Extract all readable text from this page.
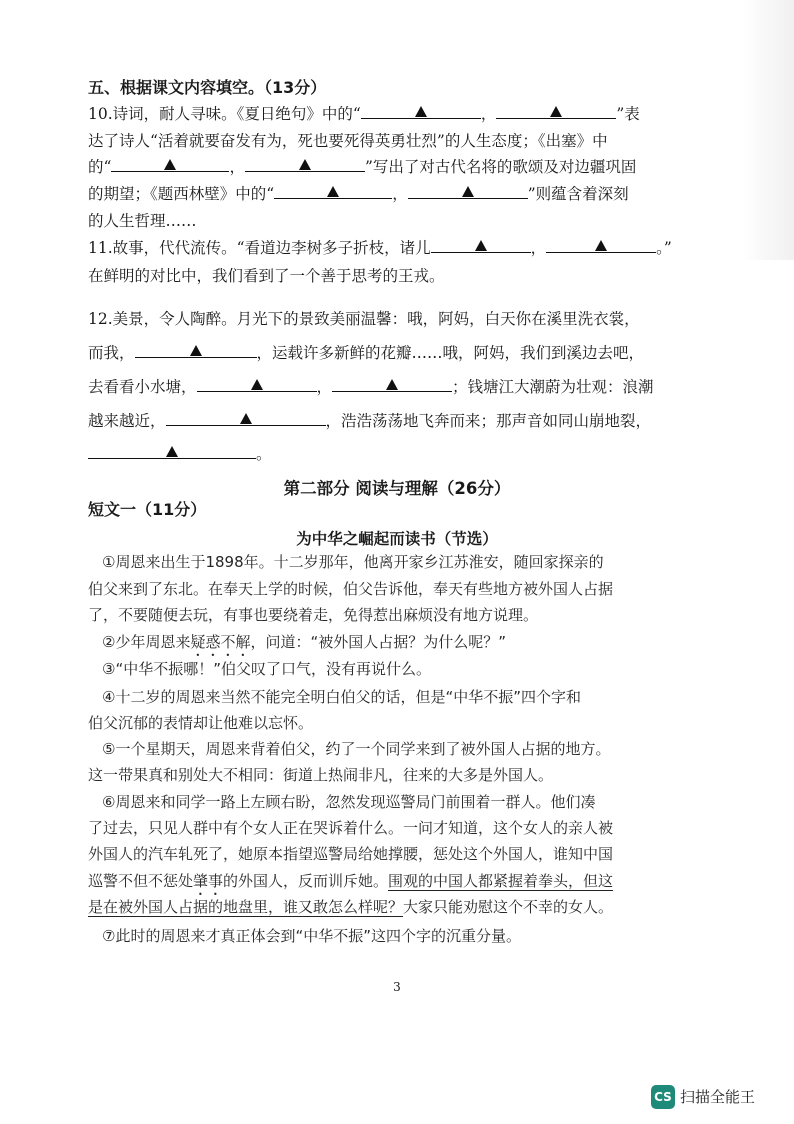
五、根据课文内容填空。（13分）
10.诗词，耐人寻味。《夏日绝句》中的“	，	”表
达了诗人“活着就要奋发有为，死也要死得英勇壮烈”的人生态度；《出塞》中
的“	，	”写出了对古代名将的歌颂及对边疆巩固
的期望；《题西林壁》中的“	，	”则蕴含着深刻
的人生哲理……
11.故事，代代流传。“看道边李树多子折枝，诸儿	，	。”
在鲜明的对比中，我们看到了一个善于思考的王戎。
12.美景，令人陶醉。月光下的景致美丽温馨：哦，阿妈，白天你在溪里洗衣裳，
而我，	，运载许多新鲜的花瓣……哦，阿妈，我们到溪边去吧，
去看看小水塘，	，	；钱塘江大潮蔚为壮观：浪潮
越来越近，	，浩浩荡荡地飞奔而来；那声音如同山崩地裂，
。
第二部分 阅读与理解（26分）
短文一（11分）
为中华之崛起而读书（节选）
①周恩来出生于1898年。十二岁那年，他离开家乡江苏淮安，随回家探亲的
伯父来到了东北。在奉天上学的时候，伯父告诉他，奉天有些地方被外国人占据
了，不要随便去玩，有事也要绕着走，免得惹出麻烦没有地方说理。
②少年周恩来疑惑不解，问道：“被外国人占据？为什么呢？”
③“中华不振哪！”伯父叹了口气，没有再说什么。
④十二岁的周恩来当然不能完全明白伯父的话，但是“中华不振”四个字和
伯父沉郁的表情却让他难以忘怀。
⑤一个星期天，周恩来背着伯父，约了一个同学来到了被外国人占据的地方。
这一带果真和别处大不相同：街道上热闹非凡，往来的大多是外国人。
⑥周恩来和同学一路上左顾右盼，忽然发现巡警局门前围着一群人。他们凑
了过去，只见人群中有个女人正在哭诉着什么。一问才知道，这个女人的亲人被
外国人的汽车轧死了，她原本指望巡警局给她撑腰，惩处这个外国人，谁知中国
巡警不但不惩处肇事的外国人，反而训斥她。围观的中国人都紧握着拳头，但这
是在被外国人占据的地盘里，谁又敢怎么样呢？大家只能劝慰这个不幸的女人。
⑦此时的周恩来才真正体会到“中华不振”这四个字的沉重分量。
3
CS 扫描全能王
